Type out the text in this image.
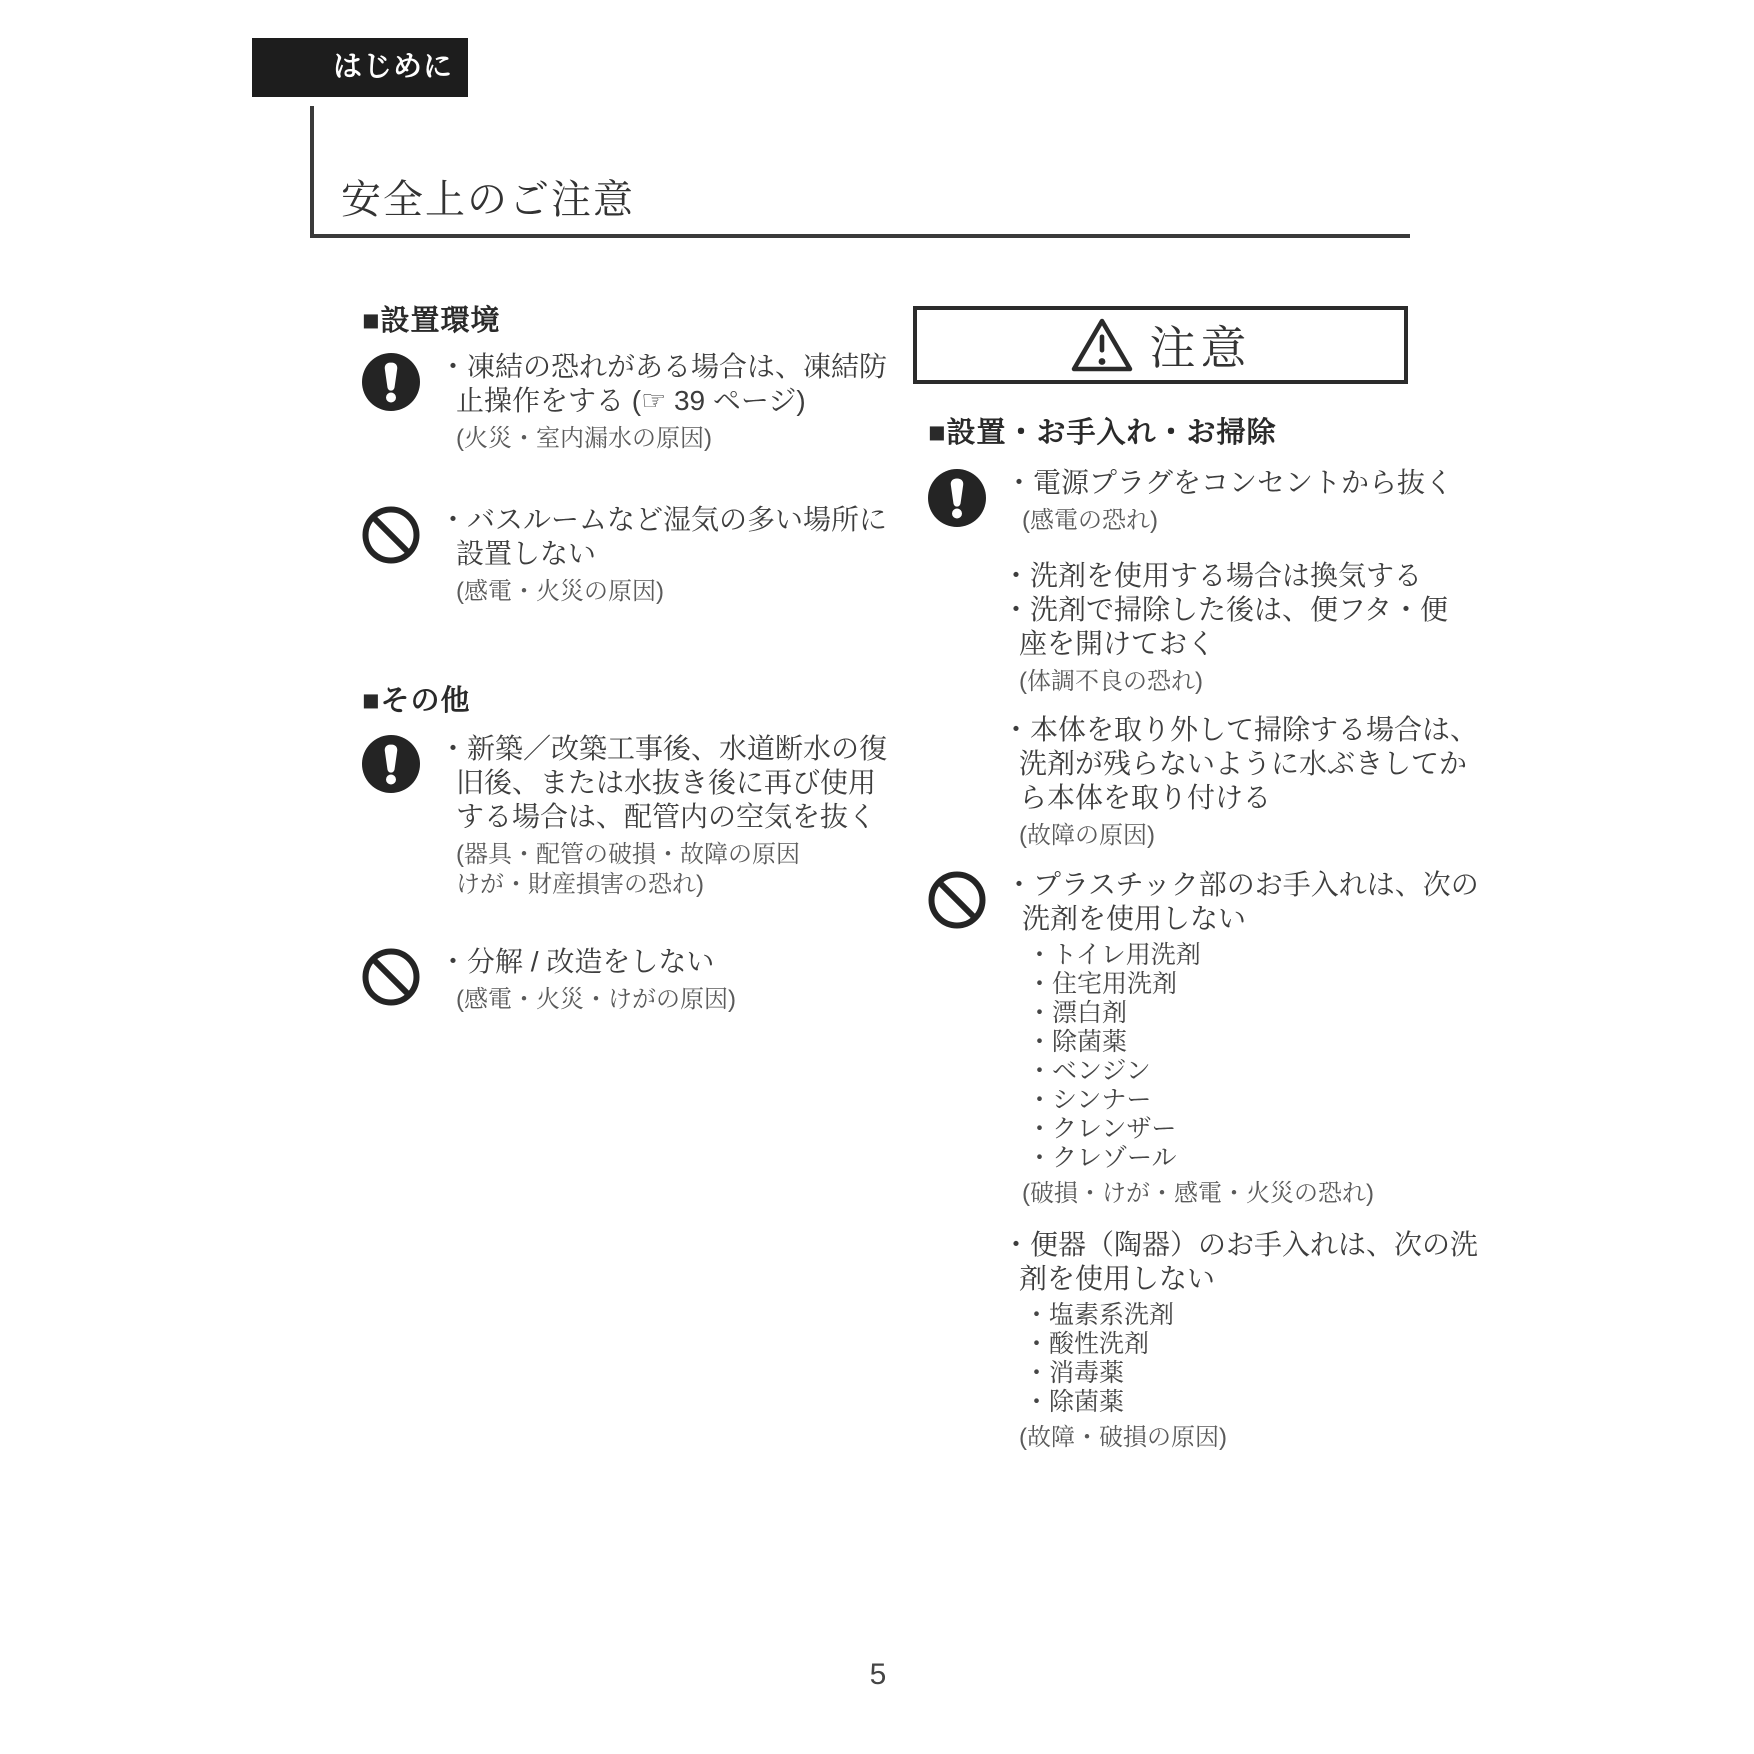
はじめに
安全上のご注意
注意
■設置環境
・凍結の恐れがある場合は、凍結防
止操作をする (☞ 39 ページ)
(火災・室内漏水の原因)
・バスルームなど湿気の多い場所に
設置しない
(感電・火災の原因)
■その他
・新築／改築工事後、水道断水の復
旧後、または水抜き後に再び使用
する場合は、配管内の空気を抜く
(器具・配管の破損・故障の原因
けが・財産損害の恐れ)
・分解 / 改造をしない
(感電・火災・けがの原因)
■設置・お手入れ・お掃除
・電源プラグをコンセントから抜く
(感電の恐れ)
・洗剤を使用する場合は換気する
・洗剤で掃除した後は、便フタ・便
座を開けておく
(体調不良の恐れ)
・本体を取り外して掃除する場合は、
洗剤が残らないように水ぶきしてか
ら本体を取り付ける
(故障の原因)
・プラスチック部のお手入れは、次の
洗剤を使用しない
・トイレ用洗剤
・住宅用洗剤
・漂白剤
・除菌薬
・ベンジン
・シンナー
・クレンザー
・クレゾール
(破損・けが・感電・火災の恐れ)
・便器（陶器）のお手入れは、次の洗
剤を使用しない
・塩素系洗剤
・酸性洗剤
・消毒薬
・除菌薬
(故障・破損の原因)
5
